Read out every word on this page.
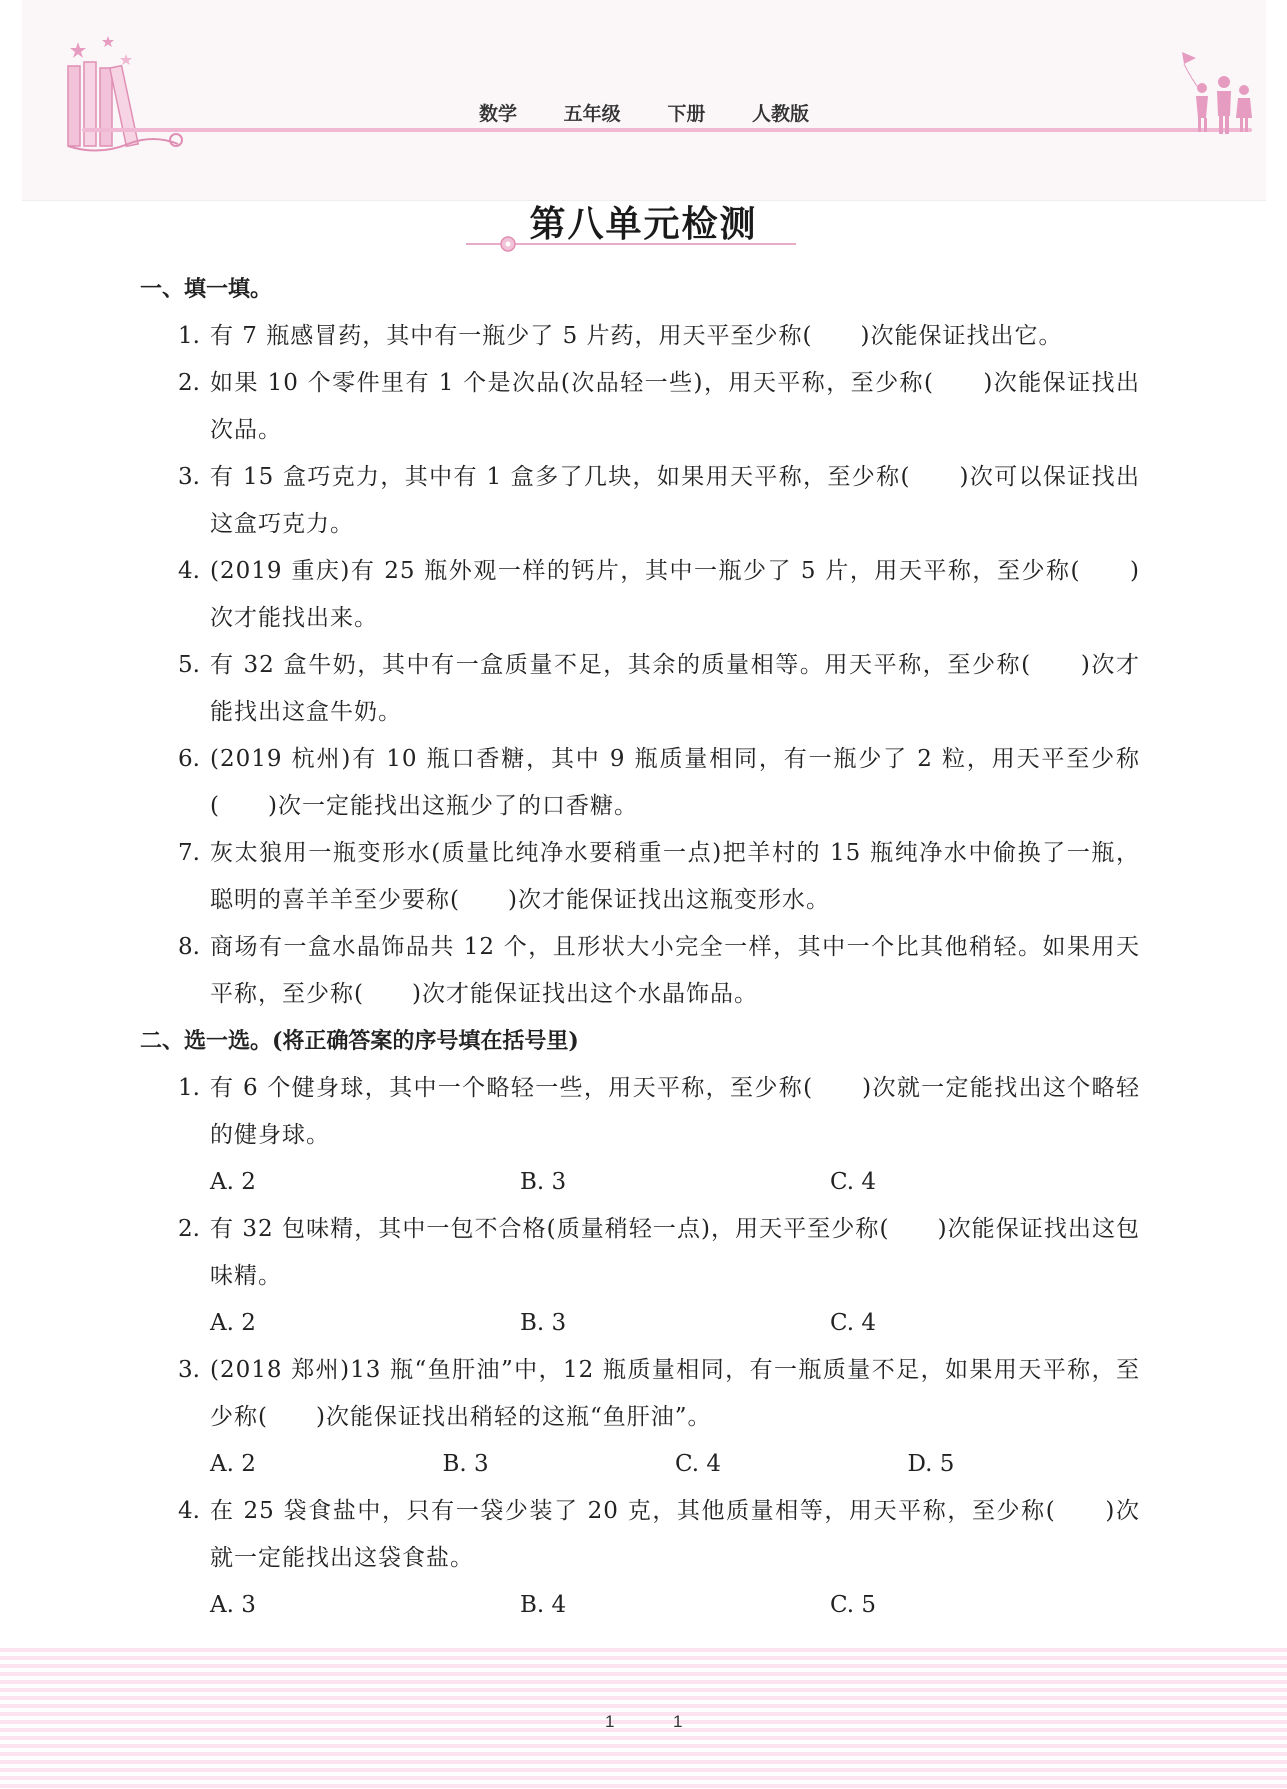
数学 五年级 下册 人教版
第八单元检测

一、填一填。

1. 有 7 瓶感冒药，其中有一瓶少了 5 片药，用天平至少称(　　)次能保证找出它。
2. 如果 10 个零件里有 1 个是次品(次品轻一些)，用天平称，至少称(　　)次能保证找出次品。
3. 有 15 盒巧克力，其中有 1 盒多了几块，如果用天平称，至少称(　　)次可以保证找出这盒巧克力。
4. (2019 重庆)有 25 瓶外观一样的钙片，其中一瓶少了 5 片，用天平称，至少称(　　)次才能找出来。
5. 有 32 盒牛奶，其中有一盒质量不足，其余的质量相等。用天平称，至少称(　　)次才能找出这盒牛奶。
6. (2019 杭州)有 10 瓶口香糖，其中 9 瓶质量相同，有一瓶少了 2 粒，用天平至少称(　　)次一定能找出这瓶少了的口香糖。
7. 灰太狼用一瓶变形水(质量比纯净水要稍重一点)把羊村的 15 瓶纯净水中偷换了一瓶，聪明的喜羊羊至少要称(　　)次才能保证找出这瓶变形水。
8. 商场有一盒水晶饰品共 12 个，且形状大小完全一样，其中一个比其他稍轻。如果用天平称，至少称(　　)次才能保证找出这个水晶饰品。

二、选一选。(将正确答案的序号填在括号里)

1. 有 6 个健身球，其中一个略轻一些，用天平称，至少称(　　)次就一定能找出这个略轻的健身球。
A. 2	B. 3	C. 4
2. 有 32 包味精，其中一包不合格(质量稍轻一点)，用天平至少称(　　)次能保证找出这包味精。
A. 2	B. 3	C. 4
3. (2018 郑州)13 瓶“鱼肝油”中，12 瓶质量相同，有一瓶质量不足，如果用天平称，至少称(　　)次能保证找出稍轻的这瓶“鱼肝油”。
A. 2	B. 3	C. 4	D. 5
4. 在 25 袋食盐中，只有一袋少装了 20 克，其他质量相等，用天平称，至少称(　　)次就一定能找出这袋食盐。
A. 3	B. 4	C. 5
1	1
